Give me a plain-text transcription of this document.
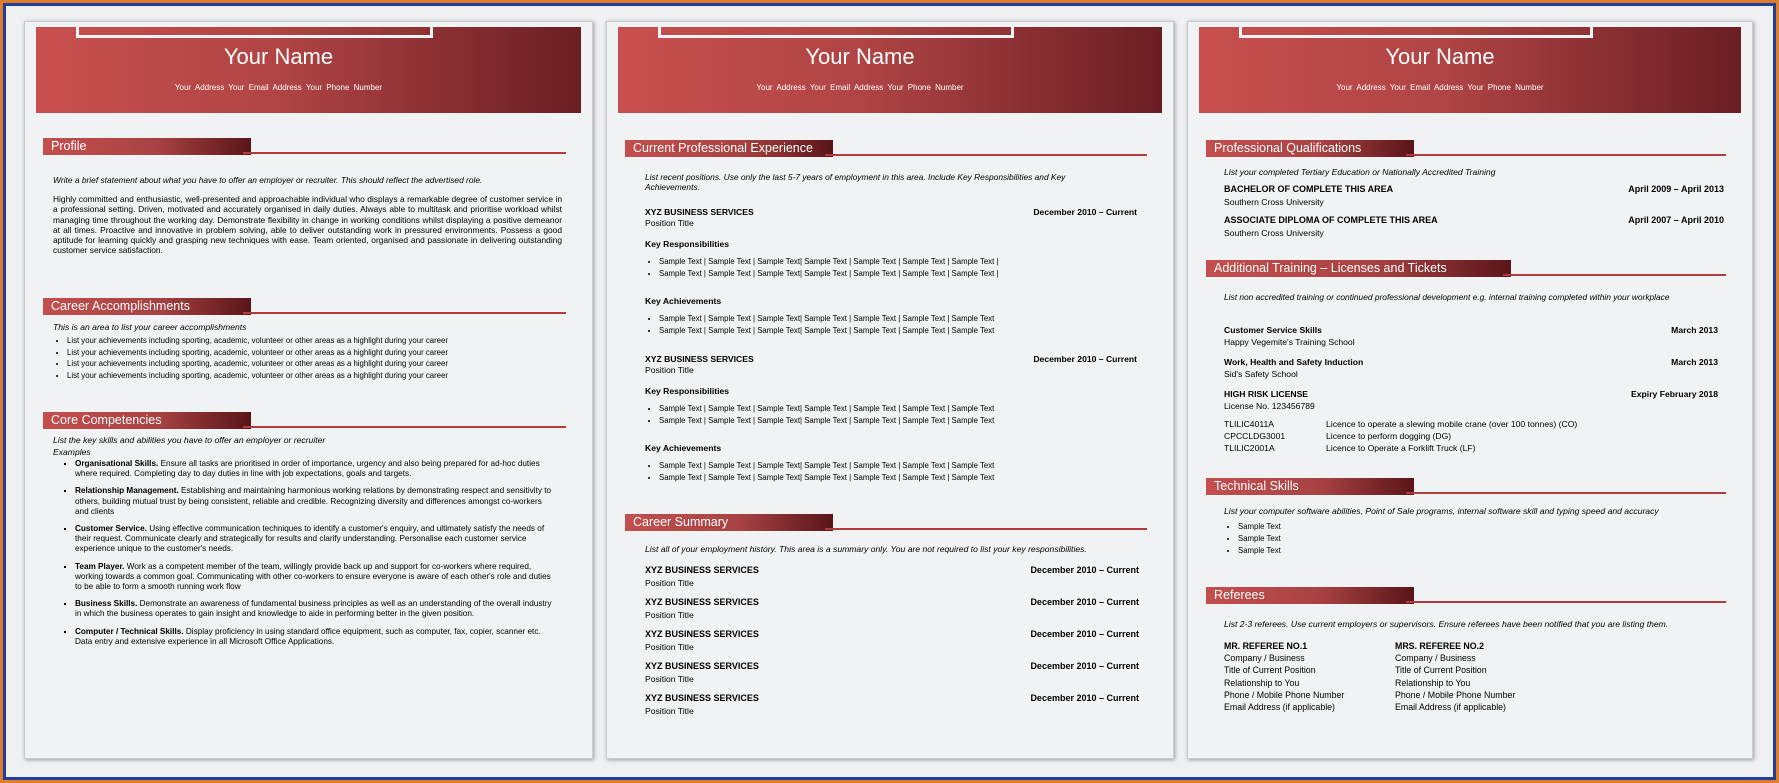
Your Name
Your Address Your Email Address Your Phone Number
Profile
Write a brief statement about what you have to offer an employer or recruiter. This should reflect the advertised role.
Highly committed and enthusiastic, well-presented and approachable individual who displays a remarkable degree of customer service in a professional setting. Driven, motivated and accurately organised in daily duties. Always able to multitask and prioritise workload whilst managing time throughout the working day. Demonstrate flexibility in change in working conditions whilst displaying a positive demeanor at all times. Proactive and innovative in problem solving, able to deliver outstanding work in pressured environments. Possess a good aptitude for learning quickly and grasping new techniques with ease. Team oriented, organised and passionate in delivering outstanding customer service satisfaction.
Career Accomplishments
This is an area to list your career accomplishments
• List your achievements including sporting, academic, volunteer or other areas as a highlight during your career
• List your achievements including sporting, academic, volunteer or other areas as a highlight during your career
• List your achievements including sporting, academic, volunteer or other areas as a highlight during your career
• List your achievements including sporting, academic, volunteer or other areas as a highlight during your career
Core Competencies
List the key skills and abilities you have to offer an employer or recruiter
Examples
▪ Organisational Skills. Ensure all tasks are prioritised in order of importance, urgency and also being prepared for ad-hoc duties where required. Completing day to day duties in line with job expectations, goals and targets.
▪ Relationship Management. Establishing and maintaining harmonious working relations by demonstrating respect and sensitivity to others, building mutual trust by being consistent, reliable and credible. Recognizing diversity and differences amongst co-workers and clients
▪ Customer Service. Using effective communication techniques to identify a customer's enquiry, and ultimately satisfy the needs of their request. Communicate clearly and strategically for results and clarify understanding. Personalise each customer service experience unique to the customer's needs.
▪ Team Player. Work as a competent member of the team, willingly provide back up and support for co-workers where required, working towards a common goal. Communicating with other co-workers to ensure everyone is aware of each other's role and duties to be able to form a smooth running work flow
▪ Business Skills. Demonstrate an awareness of fundamental business principles as well as an understanding of the overall industry in which the business operates to gain insight and knowledge to aide in performing better in the given position.
▪ Computer / Technical Skills. Display proficiency in using standard office equipment, such as computer, fax, copier, scanner etc. Data entry and extensive experience in all Microsoft Office Applications.
Your Name
Your Address Your Email Address Your Phone Number
Current Professional Experience
List recent positions. Use only the last 5-7 years of employment in this area. Include Key Responsibilities and Key Achievements.
XYZ BUSINESS SERVICES	December 2010 – Current
Position Title
Key Responsibilities
• Sample Text | Sample Text | Sample Text| Sample Text | Sample Text | Sample Text | Sample Text |
• Sample Text | Sample Text | Sample Text| Sample Text | Sample Text | Sample Text | Sample Text |
Key Achievements
• Sample Text | Sample Text | Sample Text| Sample Text | Sample Text | Sample Text | Sample Text
• Sample Text | Sample Text | Sample Text| Sample Text | Sample Text | Sample Text | Sample Text
XYZ BUSINESS SERVICES	December 2010 – Current
Position Title
Key Responsibilities
• Sample Text | Sample Text | Sample Text| Sample Text | Sample Text | Sample Text | Sample Text
• Sample Text | Sample Text | Sample Text| Sample Text | Sample Text | Sample Text | Sample Text
Key Achievements
• Sample Text | Sample Text | Sample Text| Sample Text | Sample Text | Sample Text | Sample Text
• Sample Text | Sample Text | Sample Text| Sample Text | Sample Text | Sample Text | Sample Text
Career Summary
List all of your employment history. This area is a summary only. You are not required to list your key responsibilities.
XYZ BUSINESS SERVICES	December 2010 – Current
Position Title
XYZ BUSINESS SERVICES	December 2010 – Current
Position Title
XYZ BUSINESS SERVICES	December 2010 – Current
Position Title
XYZ BUSINESS SERVICES	December 2010 – Current
Position Title
XYZ BUSINESS SERVICES	December 2010 – Current
Position Title
Your Name
Your Address Your Email Address Your Phone Number
Professional Qualifications
List your completed Tertiary Education or Nationally Accredited Training
BACHELOR OF COMPLETE THIS AREA	April 2009 – April 2013
Southern Cross University
ASSOCIATE DIPLOMA OF COMPLETE THIS AREA	April 2007 – April 2010
Southern Cross University
Additional Training – Licenses and Tickets
List non accredited training or continued professional development e.g. internal training completed within your workplace
Customer Service Skills	March 2013
Happy Vegemite's Training School
Work, Health and Safety Induction	March 2013
Sid's Safety School
HIGH RISK LICENSE	Expiry February 2018
License No. 123456789
TLILIC4011A	Licence to operate a slewing mobile crane (over 100 tonnes) (CO)
CPCCLDG3001	Licence to perform dogging (DG)
TLILIC2001A	Licence to Operate a Forklift Truck (LF)
Technical Skills
List your computer software abilities, Point of Sale programs, internal software skill and typing speed and accuracy
• Sample Text
• Sample Text
• Sample Text
Referees
List 2-3 referees. Use current employers or supervisors. Ensure referees have been notified that you are listing them.
MR. REFEREE NO.1
Company / Business
Title of Current Position
Relationship to You
Phone / Mobile Phone Number
Email Address (if applicable)
MRS. REFEREE NO.2
Company / Business
Title of Current Position
Relationship to You
Phone / Mobile Phone Number
Email Address (if applicable)
